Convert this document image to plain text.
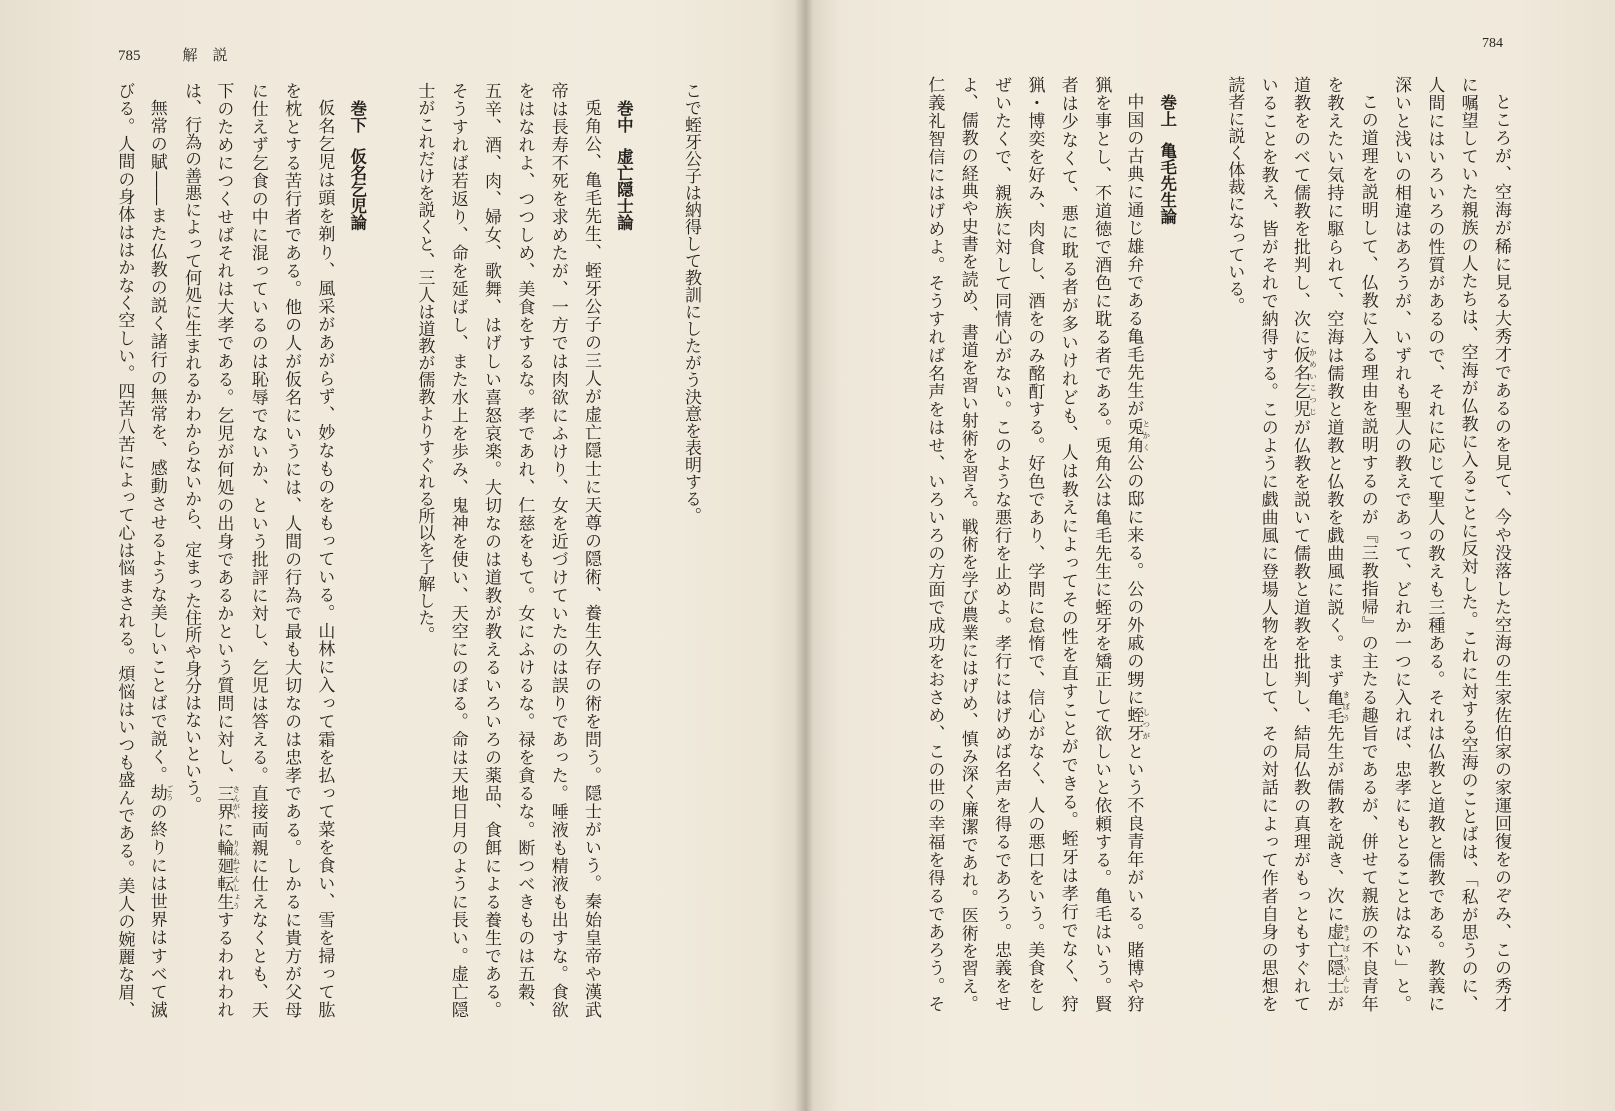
785	解　説
784
ところが、空海が稀に見る大秀才であるのを見て、今や没落した空海の生家佐伯家の家運回復をのぞみ、この秀才
に嘱望していた親族の人たちは、空海が仏教に入ることに反対した。これに対する空海のことばは、「私が思うのに、
人間にはいろいろの性質があるので、それに応じて聖人の教えも三種ある。それは仏教と道教と儒教である。教義に
深いと浅いの相違はあろうが、いずれも聖人の教えであって、どれか一つに入れば、忠孝にもとることはない」と。
この道理を説明して、仏教に入る理由を説明するのが『三教指帰』の主たる趣旨であるが、併せて親族の不良青年
を教えたい気持に駆られて、空海は儒教と道教と仏教を戯曲風に説く。まず亀毛きぼう先生が儒教を説き、次に虚亡隠士きょぼういんじが
道教をのべて儒教を批判し、次に仮名乞児かめいこつじが仏教を説いて儒教と道教を批判し、結局仏教の真理がもっともすぐれて
いることを教え、皆がそれで納得する。このように戯曲風に登場人物を出して、その対話によって作者自身の思想を
読者に説く体裁になっている。
巻上亀毛先生論
中国の古典に通じ雄弁である亀毛先生が兎角とかく公の邸に来る。公の外戚の甥に蛭牙しつがという不良青年がいる。賭博や狩
猟を事とし、不道徳で酒色に耽る者である。兎角公は亀毛先生に蛭牙を矯正して欲しいと依頼する。亀毛はいう。賢
者は少なくて、悪に耽る者が多いけれども、人は教えによってその性を直すことができる。蛭牙は孝行でなく、狩
猟・博奕を好み、肉食し、酒をのみ酩酊する。好色であり、学問に怠惰で、信心がなく、人の悪口をいう。美食をし
ぜいたくで、親族に対して同情心がない。このような悪行を止めよ。孝行にはげめば名声を得るであろう。忠義をせ
よ、儒教の経典や史書を読め、書道を習い射術を習え。戦術を学び農業にはげめ、慎み深く廉潔であれ。医術を習え。
仁義礼智信にはげめよ。そうすれば名声をはせ、いろいろの方面で成功をおさめ、この世の幸福を得るであろう。そ
こで蛭牙公子は納得して教訓にしたがう決意を表明する。
巻中虚亡隠士論
兎角公、亀毛先生、蛭牙公子の三人が虚亡隠士に天尊の隠術、養生久存の術を問う。隠士がいう。秦始皇帝や漢武
帝は長寿不死を求めたが、一方では肉欲にふけり、女を近づけていたのは誤りであった。唾液も精液も出すな。食欲
をはなれよ、つつしめ、美食をするな。孝であれ、仁慈をもて。女にふけるな。禄を貪るな。断つべきものは五穀、
五辛、酒、肉、婦女、歌舞、はげしい喜怒哀楽。大切なのは道教が教えるいろいろの薬品、食餌による養生である。
そうすれば若返り、命を延ばし、また水上を歩み、鬼神を使い、天空にのぼる。命は天地日月のように長い。虚亡隠
士がこれだけを説くと、三人は道教が儒教よりすぐれる所以を了解した。
巻下仮名乞児論
仮名乞児は頭を剃り、風采があがらず、妙なものをもっている。山林に入って霜を払って菜を食い、雪を掃って肱
を枕とする苦行者である。他の人が仮名にいうには、人間の行為で最も大切なのは忠孝である。しかるに貴方が父母
に仕えず乞食の中に混っているのは恥辱でないか、という批評に対し、乞児は答える。直接両親に仕えなくとも、天
下のためにつくせばそれは大孝である。乞児が何処の出身であるかという質問に対し、三界さんがいに輪廻転生りんねてんしょうするわれわれ
は、行為の善悪によって何処に生まれるかわからないから、定まった住所や身分はないという。
無常の賦――また仏教の説く諸行の無常を、感動させるような美しいことばで説く。劫ごうの終りには世界はすべて滅
びる。人間の身体ははかなく空しい。四苦八苦によって心は悩まされる。煩悩はいつも盛んである。美人の婉麗な眉、
